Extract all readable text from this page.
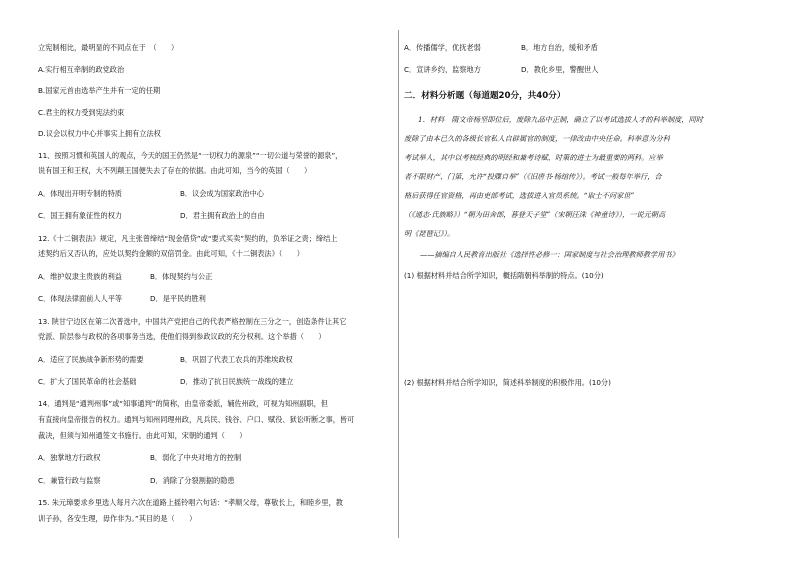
立宪制相比，最明显的不同点在于　（　　）
A.实行相互牵制的政党政治
B.国家元首由选举产生并有一定的任期
C.君主的权力受到宪法约束
D.议会以权力中心并事实上拥有立法权
11、按照习惯和英国人的观点，今天的国王仍然是“一切权力的源泉”“一切公道与荣誉的源泉”，
说有国王和王权，大不列颠王国便失去了存在的依据。由此可知，当今的英国（　　）
A．体现出开明专制的特质	B．议会成为国家政治中心
C．国王拥有象征性的权力	D．君主拥有政治上的自由
12.《十二铜表法》规定，凡主张曾缔结“现金借贷”或“要式买卖”契约的，负举证之责；缔结上
述契约后又否认的，应处以契约金额的双倍罚金。由此可知，《十二铜表法》（　　）
A．维护奴隶主贵族的利益	B．体现契约与公正
C．体现法律面前人人平等	D．是平民的胜利
13. 陕甘宁边区在第二次普选中，中国共产党把自己的代表严格控制在三分之一，创造条件让其它
党派、阶层参与政权的各项事务当选，使他们得到参政议政的充分权利。这个举措（　　）
A．适应了民族战争新形势的需要	B．巩固了代表工农兵的苏维埃政权
C．扩大了国民革命的社会基础	D．推动了抗日民族统一战线的建立
14．通判是“通判州事”或“知事通判”的简称，由皇帝委派，辅佐州政，可视为知州副职，但
有直接向皇帝报告的权力。通判与知州同理州政，凡兵民、钱谷、户口、赋役、狱讼听断之事，皆可
裁决，但须与知州通签文书施行。由此可知，宋朝的通判（　　）
A．独掌地方行政权	B．弱化了中央对地方的控制
C．兼管行政与监察	D．消除了分裂割据的隐患
15. 朱元璋要求乡里选人每月六次在道路上摇铃唱六句话：“孝顺父母，尊敬长上，和睦乡里，教
训子孙，各安生理，毋作非为。”其目的是（　　）
A．传播儒学，优抚老弱	B．地方自治，缓和矛盾
C．宣讲乡约，监察地方	D．教化乡里，警醒世人
二．材料分析题（每道题20分，共40分）
1．材料　隋文帝杨坚即位后，废除九品中正制，确立了以考试选拔人才的科举制度，同时
废除了由本已久的各级长官私人自辟属官的制度，一律改由中央任命。科举意为分科
考试举人，其中以考核经典的明经和兼考诗赋、时策的进士为最重要的两科。应举
者不限财产、门第，允许“投牒自举”（《旧唐书·杨绾传》）。考试一般每年举行，合
格后获得任官资格，再由吏部考试，选拔进入官员系统。“取士不问家世”
（《通志·氏族略》）“朝为田舍郎，暮登天子堂”（宋朝汪洙《神童诗》），一说元朝高
明《琵琶记》）。
——摘编自人民教育出版社《选择性必修一：国家制度与社会治理教师教学用书》
(1) 根据材料并结合所学知识，概括隋朝科举制的特点。(10分)
(2) 根据材料并结合所学知识，简述科举制度的积极作用。(10分)
